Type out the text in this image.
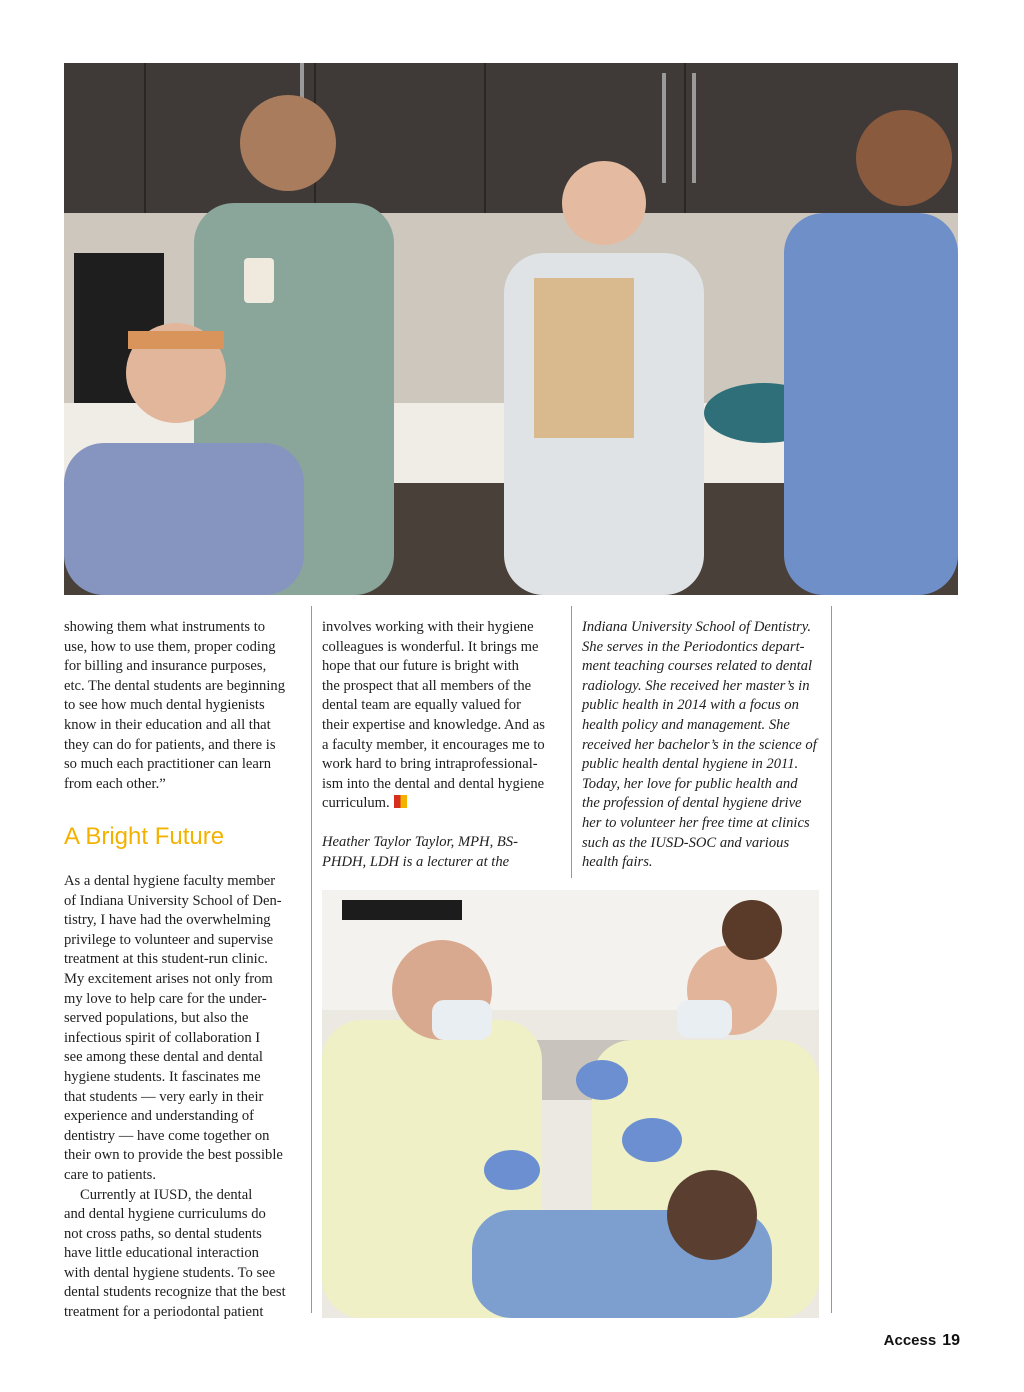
showing them what instruments to
use, how to use them, proper coding
for billing and insurance purposes,
etc. The dental students are beginning
to see how much dental hygienists
know in their education and all that
they can do for patients, and there is
so much each practitioner can learn
from each other.”

A Bright Future

As a dental hygiene faculty member
of Indiana University School of Den-
tistry, I have had the overwhelming
privilege to volunteer and supervise
treatment at this student-run clinic.
My excitement arises not only from
my love to help care for the under-
served populations, but also the
infectious spirit of collaboration I
see among these dental and dental
hygiene students. It fascinates me
that students — very early in their
experience and understanding of
dentistry — have come together on
their own to provide the best possible
care to patients.

Currently at IUSD, the dental
and dental hygiene curriculums do
not cross paths, so dental students
have little educational interaction
with dental hygiene students. To see
dental students recognize that the best
treatment for a periodontal patient

involves working with their hygiene
colleagues is wonderful. It brings me
hope that our future is bright with
the prospect that all members of the
dental team are equally valued for
their expertise and knowledge. And as
a faculty member, it encourages me to
work hard to bring intraprofessional-
ism into the dental and dental hygiene
curriculum.

Heather Taylor Taylor, MPH, BS-
PHDH, LDH is a lecturer at the

Indiana University School of Dentistry.
She serves in the Periodontics depart-
ment teaching courses related to dental
radiology. She received her master’s in
public health in 2014 with a focus on
health policy and management. She
received her bachelor’s in the science of
public health dental hygiene in 2011.
Today, her love for public health and
the profession of dental hygiene drive
her to volunteer her free time at clinics
such as the IUSD-SOC and various
health fairs.

Access 19
